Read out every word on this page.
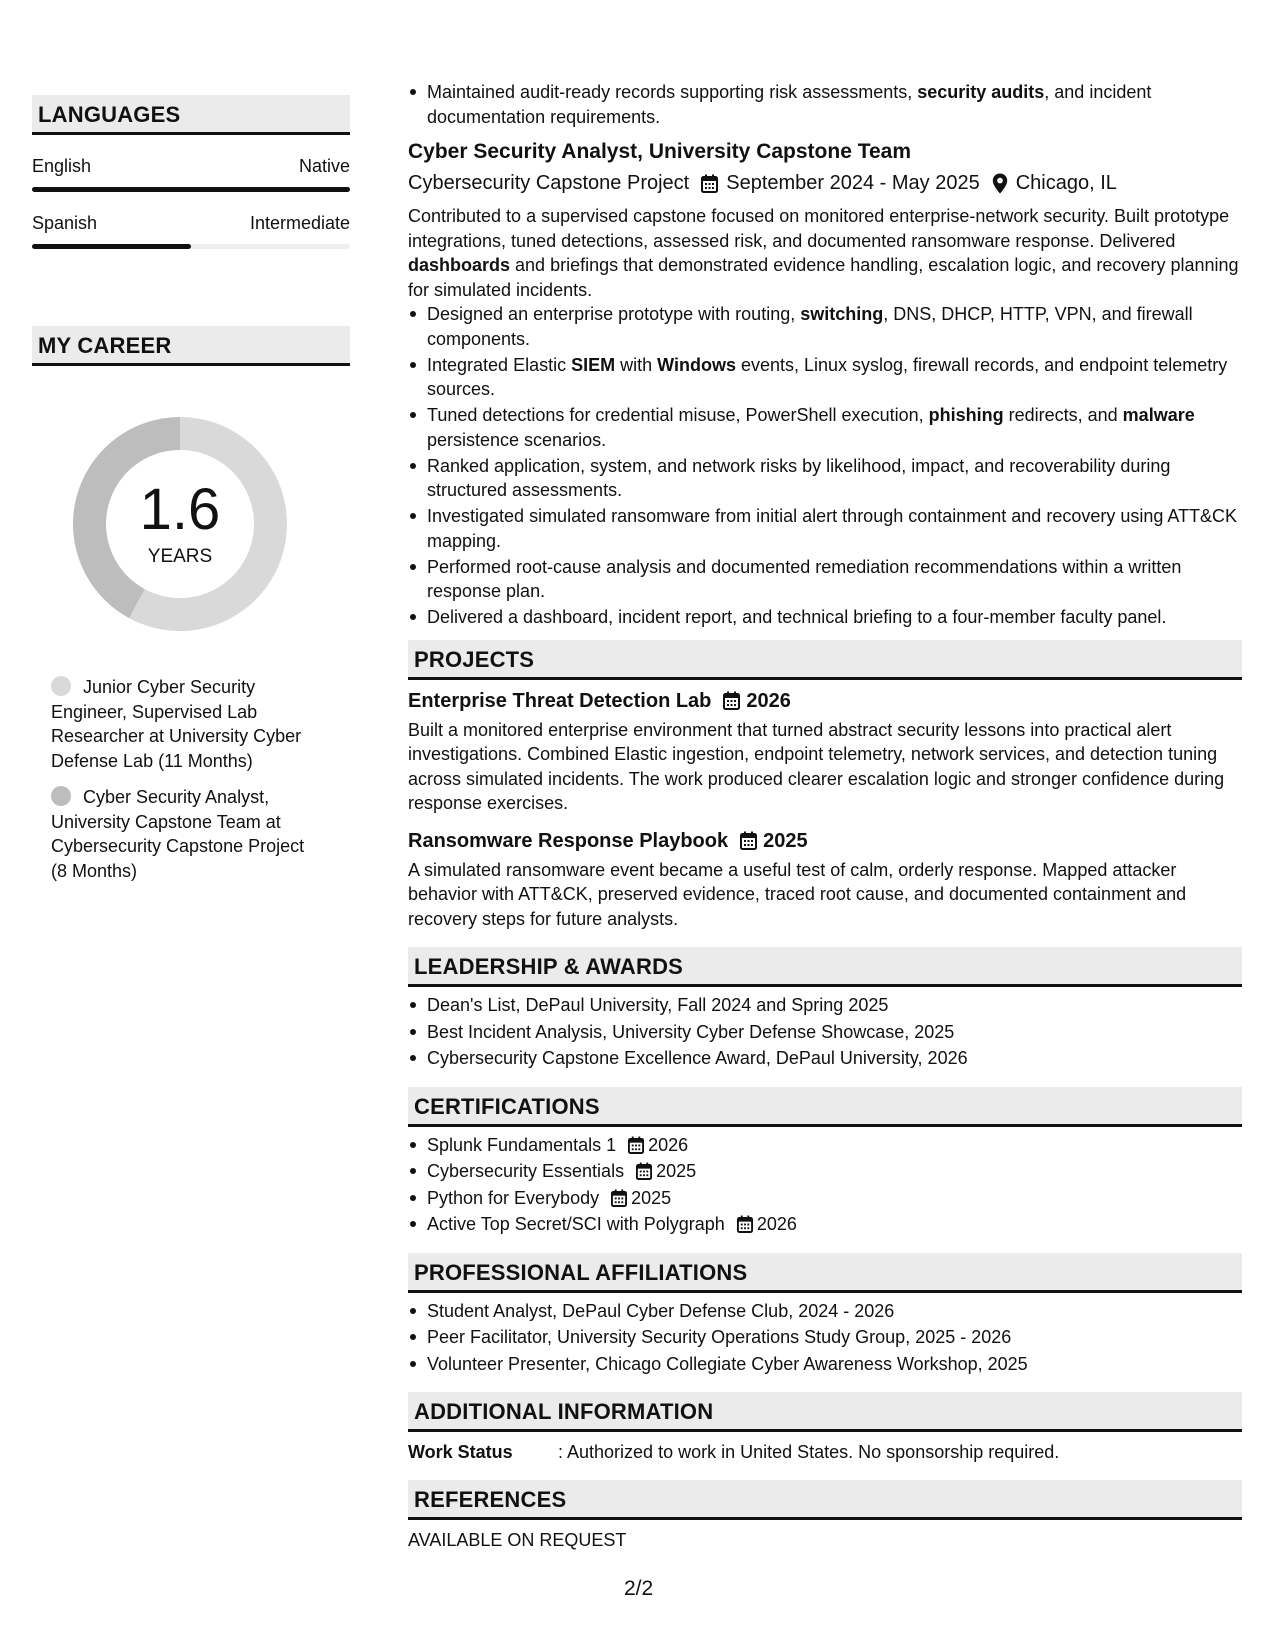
LANGUAGES
English	Native
Spanish	Intermediate
MY CAREER
1.6
YEARS
Junior Cyber Security Engineer, Supervised Lab Researcher at University Cyber Defense Lab (11 Months)
Cyber Security Analyst, University Capstone Team at Cybersecurity Capstone Project (8 Months)
Maintained audit-ready records supporting risk assessments, security audits, and incident documentation requirements.
Cyber Security Analyst, University Capstone Team
Cybersecurity Capstone Project September 2024 - May 2025 Chicago, IL
Contributed to a supervised capstone focused on monitored enterprise-network security. Built prototype integrations, tuned detections, assessed risk, and documented ransomware response. Delivered dashboards and briefings that demonstrated evidence handling, escalation logic, and recovery planning for simulated incidents.
Designed an enterprise prototype with routing, switching, DNS, DHCP, HTTP, VPN, and firewall components.
Integrated Elastic SIEM with Windows events, Linux syslog, firewall records, and endpoint telemetry sources.
Tuned detections for credential misuse, PowerShell execution, phishing redirects, and malware persistence scenarios.
Ranked application, system, and network risks by likelihood, impact, and recoverability during structured assessments.
Investigated simulated ransomware from initial alert through containment and recovery using ATT&CK mapping.
Performed root-cause analysis and documented remediation recommendations within a written response plan.
Delivered a dashboard, incident report, and technical briefing to a four-member faculty panel.
PROJECTS
Enterprise Threat Detection Lab 2026
Built a monitored enterprise environment that turned abstract security lessons into practical alert investigations. Combined Elastic ingestion, endpoint telemetry, network services, and detection tuning across simulated incidents. The work produced clearer escalation logic and stronger confidence during response exercises.
Ransomware Response Playbook 2025
A simulated ransomware event became a useful test of calm, orderly response. Mapped attacker behavior with ATT&CK, preserved evidence, traced root cause, and documented containment and recovery steps for future analysts.
LEADERSHIP & AWARDS
Dean's List, DePaul University, Fall 2024 and Spring 2025
Best Incident Analysis, University Cyber Defense Showcase, 2025
Cybersecurity Capstone Excellence Award, DePaul University, 2026
CERTIFICATIONS
Splunk Fundamentals 1 2026
Cybersecurity Essentials 2025
Python for Everybody 2025
Active Top Secret/SCI with Polygraph 2026
PROFESSIONAL AFFILIATIONS
Student Analyst, DePaul Cyber Defense Club, 2024 - 2026
Peer Facilitator, University Security Operations Study Group, 2025 - 2026
Volunteer Presenter, Chicago Collegiate Cyber Awareness Workshop, 2025
ADDITIONAL INFORMATION
Work Status	: Authorized to work in United States. No sponsorship required.
REFERENCES
AVAILABLE ON REQUEST
2/2
